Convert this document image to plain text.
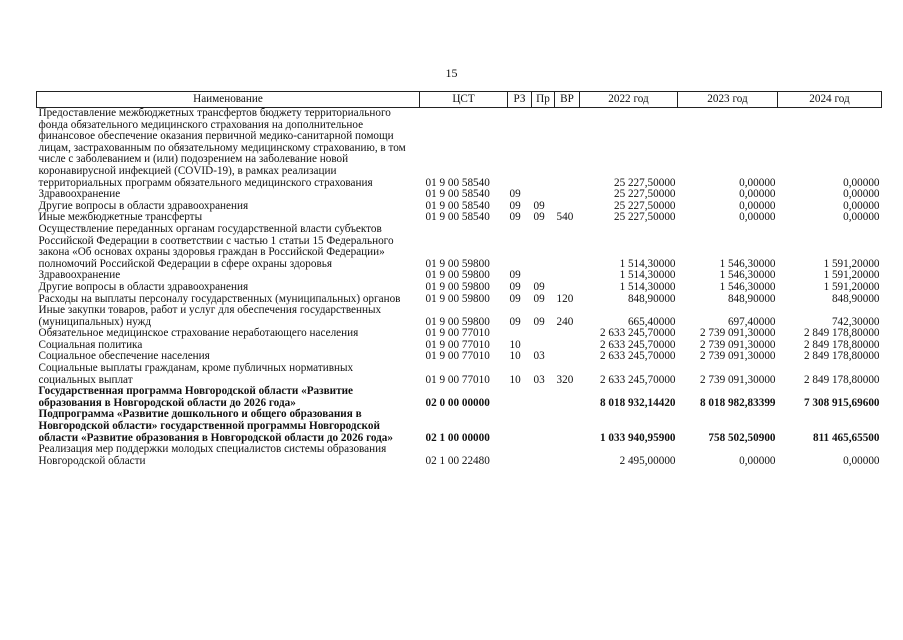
15
Наименование	ЦСТ	РЗ	Пр	ВР	2022 год	2023 год	2024 год
Предоставление межбюджетных трансфертов бюджету территориального фонда обязательного медицинского страхования на дополнительное финансовое обеспечение оказания первичной медико-санитарной помощи лицам, застрахованным по обязательному медицинскому страхованию, в том числе с заболеванием и (или) подозрением на заболевание новой коронавирусной инфекцией (COVID-19), в рамках реализации территориальных программ обязательного медицинского страхования	01 9 00 58540				25 227,50000	0,00000	0,00000
Здравоохранение	01 9 00 58540	09			25 227,50000	0,00000	0,00000
Другие вопросы в области здравоохранения	01 9 00 58540	09	09		25 227,50000	0,00000	0,00000
Иные межбюджетные трансферты	01 9 00 58540	09	09	540	25 227,50000	0,00000	0,00000
Осуществление переданных органам государственной власти субъектов Российской Федерации в соответствии с частью 1 статьи 15 Федерального закона «Об основах охраны здоровья граждан в Российской Федерации» полномочий Российской Федерации в сфере охраны здоровья	01 9 00 59800				1 514,30000	1 546,30000	1 591,20000
Здравоохранение	01 9 00 59800	09			1 514,30000	1 546,30000	1 591,20000
Другие вопросы в области здравоохранения	01 9 00 59800	09	09		1 514,30000	1 546,30000	1 591,20000
Расходы на выплаты персоналу государственных (муниципальных) органов	01 9 00 59800	09	09	120	848,90000	848,90000	848,90000
Иные закупки товаров, работ и услуг для обеспечения государственных (муниципальных) нужд	01 9 00 59800	09	09	240	665,40000	697,40000	742,30000
Обязательное медицинское страхование неработающего населения	01 9 00 77010				2 633 245,70000	2 739 091,30000	2 849 178,80000
Социальная политика	01 9 00 77010	10			2 633 245,70000	2 739 091,30000	2 849 178,80000
Социальное обеспечение населения	01 9 00 77010	10	03		2 633 245,70000	2 739 091,30000	2 849 178,80000
Социальные выплаты гражданам, кроме публичных нормативных социальных выплат	01 9 00 77010	10	03	320	2 633 245,70000	2 739 091,30000	2 849 178,80000
Государственная программа Новгородской области «Развитие образования в Новгородской области до 2026 года»	02 0 00 00000				8 018 932,14420	8 018 982,83399	7 308 915,69600
Подпрограмма «Развитие дошкольного и общего образования в Новгородской области» государственной программы Новгородской области «Развитие образования в Новгородской области до 2026 года»	02 1 00 00000				1 033 940,95900	758 502,50900	811 465,65500
Реализация мер поддержки молодых специалистов системы образования Новгородской области	02 1 00 22480				2 495,00000	0,00000	0,00000
